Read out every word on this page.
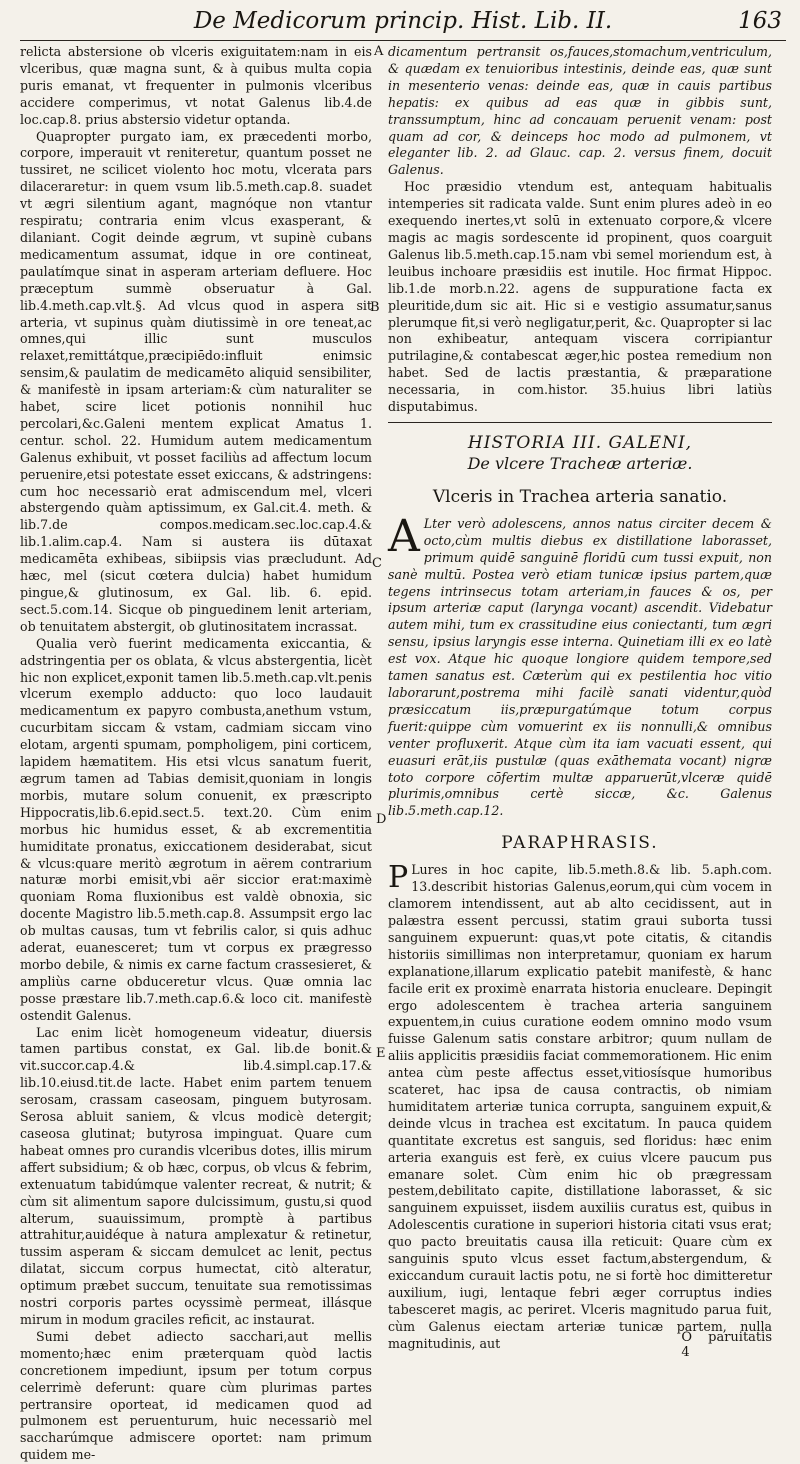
De Medicorum princip. Hist. Lib. II.	163

relicta abstersione ob vlceris exiguitatem:nam in eis vlceribus, quæ magna sunt, & à quibus multa copia puris emanat, vt frequenter in pulmonis vlceribus accidere comperimus, vt notat Galenus lib.4.de loc.cap.8. prius abstersio videtur optanda.

Quapropter purgato iam, ex præcedenti morbo, corpore, imperauit vt reniteretur, quantum posset ne tussiret, ne scilicet violento hoc motu, vlcerata pars dilaceraretur: in quem vsum lib.5.meth.cap.8. suadet vt ægri silentium agant, magnóque non vtantur respiratu; contraria enim vlcus exasperant, & dilaniant. Cogit deinde ægrum, vt supinè cubans medicamentum assumat, idque in ore contineat, paulatímque sinat in asperam arteriam defluere. Hoc præceptum summè obseruatur à Gal. lib.4.meth.cap.vlt.§. Ad vlcus quod in aspera sit arteria, vt supinus quàm diutissimè in ore teneat,ac omnes,qui illic sunt musculos relaxet,remittátque,præcipiēdo:influit enimsic sensim,& paulatim de medicamēto aliquid sensibiliter, & manifestè in ipsam arteriam:& cùm naturaliter se habet, scire licet potionis nonnihil huc percolari,&c.Galeni mentem explicat Amatus 1. centur. schol. 22. Humidum autem medicamentum Galenus exhibuit, vt posset faciliùs ad affectum locum peruenire,etsi potestate esset exiccans, & adstringens: cum hoc necessariò erat admiscendum mel, vlceri abstergendo quàm aptissimum, ex Gal.cit.4. meth. & lib.7.de compos.medicam.sec.loc.cap.4.& lib.1.alim.cap.4. Nam si austera iis dūtaxat medicamēta exhibeas, sibiipsis vias præcludunt. Ad hæc, mel (sicut cœtera dulcia) habet humidum pingue,& glutinosum, ex Gal. lib. 6. epid. sect.5.com.14. Sicque ob pinguedinem lenit arteriam, ob tenuitatem abstergit, ob glutinositatem incrassat.

Qualia verò fuerint medicamenta exiccantia, & adstringentia per os oblata, & vlcus abstergentia, licèt hic non explicet,exponit tamen lib.5.meth.cap.vlt.penis vlcerum exemplo adducto: quo loco laudauit medicamentum ex papyro combusta,anethum vstum, cucurbitam siccam & vstam, cadmiam siccam vino elotam, argenti spumam, pompholigem, pini corticem, lapidem hæmatitem. His etsi vlcus sanatum fuerit, ægrum tamen ad Tabias demisit,quoniam in longis morbis, mutare solum conuenit, ex præscripto Hippocratis,lib.6.epid.sect.5. text.20. Cùm enim morbus hic humidus esset, & ab excrementitia humiditate pronatus, exiccationem desiderabat, sicut & vlcus:quare meritò ægrotum in aërem contrarium naturæ morbi emisit,vbi aër siccior erat:maximè quoniam Roma fluxionibus est valdè obnoxia, sic docente Magistro lib.5.meth.cap.8. Assumpsit ergo lac ob multas causas, tum vt febrilis calor, si quis adhuc aderat, euanesceret; tum vt corpus ex prægresso morbo debile, & nimis ex carne factum crassesieret, & ampliùs carne obduceretur vlcus. Quæ omnia lac posse præstare lib.7.meth.cap.6.& loco cit. manifestè ostendit Galenus.

Lac enim licèt homogeneum videatur, diuersis tamen partibus constat, ex Gal. lib.de bonit.& vit.succor.cap.4.& lib.4.simpl.cap.17.& lib.10.eiusd.tit.de lacte. Habet enim partem tenuem serosam, crassam caseosam, pinguem butyrosam. Serosa abluit saniem, & vlcus modicè detergit; caseosa glutinat; butyrosa impinguat. Quare cum habeat omnes pro curandis vlceribus dotes, illis mirum affert subsidium; & ob hæc, corpus, ob vlcus & febrim, extenuatum tabidúmque valenter recreat, & nutrit; & cùm sit alimentum sapore dulcissimum, gustu,si quod alterum, suauissimum, promptè à partibus attrahitur,auidéque à natura amplexatur & retinetur, tussim asperam & siccam demulcet ac lenit, pectus dilatat, siccum corpus humectat, citò alteratur, optimum præbet succum, tenuitate sua remotissimas nostri corporis partes ocyssimè permeat, illásque mirum in modum graciles reficit, ac instaurat.

Sumi debet adiecto sacchari,aut mellis momento;hæc enim præterquam quòd lactis concretionem impediunt, ipsum per totum corpus celerrimè deferunt: quare cùm plurimas partes pertransire oporteat, id medicamen quod ad pulmonem est peruenturum, huic necessariò mel saccharúmque admiscere oportet: nam primum quidem me-

A
B
C
D
E

dicamentum pertransit os,fauces,stomachum,ventriculum, & quædam ex tenuioribus intestinis, deinde eas, quæ sunt in mesenterio venas: deinde eas, quæ in cauis partibus hepatis: ex quibus ad eas quæ in gibbis sunt, transsumptum, hinc ad concauam peruenit venam: post quam ad cor, & deinceps hoc modo ad pulmonem, vt eleganter lib. 2. ad Glauc. cap. 2. versus finem, docuit Galenus.

Hoc præsidio vtendum est, antequam habitualis intemperies sit radicata valde. Sunt enim plures adeò in eo exequendo inertes,vt solū in extenuato corpore,& vlcere magis ac magis sordescente id propinent, quos coarguit Galenus lib.5.meth.cap.15.nam vbi semel moriendum est, à leuibus inchoare præsidiis est inutile. Hoc firmat Hippoc. lib.1.de morb.n.22. agens de suppuratione facta ex pleuritide,dum sic ait. Hic si e vestigio assumatur,sanus plerumque fit,si verò negligatur,perit, &c. Quapropter si lac non exhibeatur, antequam viscera corripiantur putrilagine,& contabescat æger,hic postea remedium non habet. Sed de lactis præstantia, & præparatione necessaria, in com.histor. 35.huius libri latiùs disputabimus.

HISTORIA III. GALENI,
De vlcere Tracheæ arteriæ.
Vlceris in Trachea arteria sanatio.

A Lter verò adolescens, annos natus circiter decem & octo,cùm multis diebus ex distillatione laborasset, primum quidē sanguinē floridū cum tussi expuit, non sanè multū. Postea verò etiam tunicæ ipsius partem,quæ tegens intrinsecus totam arteriam,in fauces & os, per ipsum arteriæ caput (larynga vocant) ascendit. Videbatur autem mihi, tum ex crassitudine eius coniectanti, tum ægri sensu, ipsius laryngis esse interna. Quinetiam illi ex eo latè est vox. Atque hic quoque longiore quidem tempore,sed tamen sanatus est. Cæterùm qui ex pestilentia hoc vitio laborarunt,postrema mihi facilè sanati videntur,quòd præsiccatum iis,præpurgatúmque totum corpus fuerit:quippe cùm vomuerint ex iis nonnulli,& omnibus venter profluxerit. Atque cùm ita iam vacuati essent, qui euasuri erāt,iis pustulæ (quas exāthemata vocant) nigræ toto corpore cōfertim multæ apparuerūt,vlceræ quidē plurimis,omnibus certè siccæ, &c. Galenus lib.5.meth.cap.12.

PARAPHRASIS.

P Lures in hoc capite, lib.5.meth.8.& lib. 5.aph.com. 13.describit historias Galenus,eorum,qui cùm vocem in clamorem intendissent, aut ab alto cecidissent, aut in palæstra essent percussi, statim graui suborta tussi sanguinem expuerunt: quas,vt pote citatis, & citandis historiis simillimas non interpretamur, quoniam ex harum explanatione,illarum explicatio patebit manifestè, & hanc facile erit ex proximè enarrata historia enucleare. Depingit ergo adolescentem è trachea arteria sanguinem expuentem,in cuius curatione eodem omnino modo vsum fuisse Galenum satis constare arbitror; quum nullam de aliis applicitis præsidiis faciat commemorationem. Hic enim antea cùm peste affectus esset,vitiosísque humoribus scateret, hac ipsa de causa contractis, ob nimiam humiditatem arteriæ tunica corrupta, sanguinem expuit,& deinde vlcus in trachea est excitatum. In pauca quidem quantitate excretus est sanguis, sed floridus: hæc enim arteria exanguis est ferè, ex cuius vlcere paucum pus emanare solet. Cùm enim hic ob prægressam pestem,debilitato capite, distillatione laborasset, & sic sanguinem expuisset, iisdem auxiliis curatus est, quibus in Adolescentis curatione in superiori historia citati vsus erat; quo pacto breuitatis causa illa reticuit: Quare cùm ex sanguinis sputo vlcus esset factum,abstergendum, & exiccandum curauit lactis potu, ne si fortè hoc dimitteretur auxilium, iugi, lentaque febri æger corruptus indies tabesceret magis, ac periret. Vlceris magnitudo parua fuit, cùm Galenus eiectam arteriæ tunicæ partem, nulla magnitudinis, aut	O 4
paruitatis
